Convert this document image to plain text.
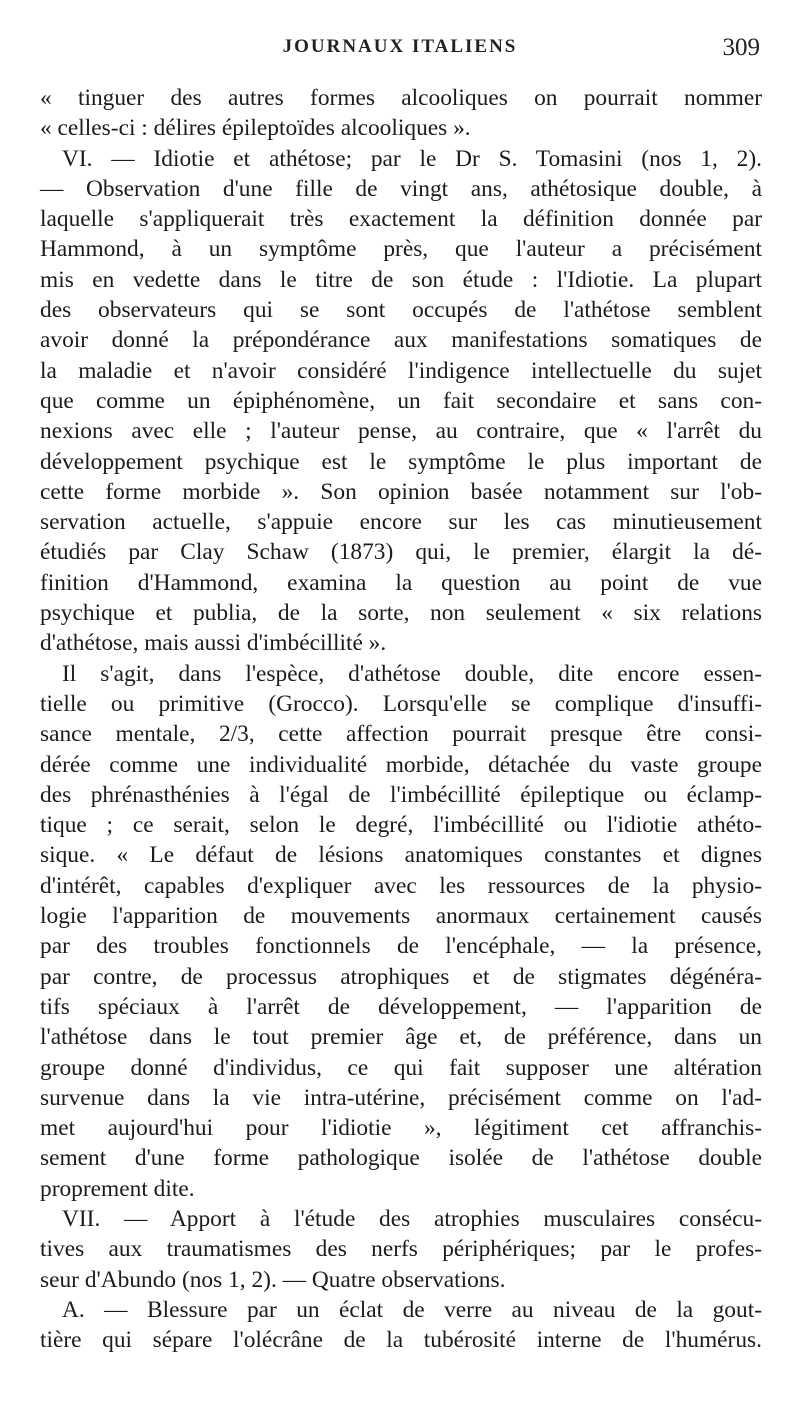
JOURNAUX ITALIENS	309
« tinguer des autres formes alcooliques on pourrait nommer
« celles-ci : délires épileptoïdes alcooliques ».
VI. — Idiotie et athétose; par le Dr S. Tomasini (nos 1, 2).
— Observation d'une fille de vingt ans, athétosique double, à
laquelle s'appliquerait très exactement la définition donnée par
Hammond, à un symptôme près, que l'auteur a précisément
mis en vedette dans le titre de son étude : l'Idiotie. La plupart
des observateurs qui se sont occupés de l'athétose semblent
avoir donné la prépondérance aux manifestations somatiques de
la maladie et n'avoir considéré l'indigence intellectuelle du sujet
que comme un épiphénomène, un fait secondaire et sans con-
nexions avec elle ; l'auteur pense, au contraire, que « l'arrêt du
développement psychique est le symptôme le plus important de
cette forme morbide ». Son opinion basée notamment sur l'ob-
servation actuelle, s'appuie encore sur les cas minutieusement
étudiés par Clay Schaw (1873) qui, le premier, élargit la dé-
finition d'Hammond, examina la question au point de vue
psychique et publia, de la sorte, non seulement « six relations
d'athétose, mais aussi d'imbécillité ».
Il s'agit, dans l'espèce, d'athétose double, dite encore essen-
tielle ou primitive (Grocco). Lorsqu'elle se complique d'insuffi-
sance mentale, 2/3, cette affection pourrait presque être consi-
dérée comme une individualité morbide, détachée du vaste groupe
des phrénasthénies à l'égal de l'imbécillité épileptique ou éclamp-
tique ; ce serait, selon le degré, l'imbécillité ou l'idiotie athéto-
sique. « Le défaut de lésions anatomiques constantes et dignes
d'intérêt, capables d'expliquer avec les ressources de la physio-
logie l'apparition de mouvements anormaux certainement causés
par des troubles fonctionnels de l'encéphale, — la présence,
par contre, de processus atrophiques et de stigmates dégénéra-
tifs spéciaux à l'arrêt de développement, — l'apparition de
l'athétose dans le tout premier âge et, de préférence, dans un
groupe donné d'individus, ce qui fait supposer une altération
survenue dans la vie intra-utérine, précisément comme on l'ad-
met aujourd'hui pour l'idiotie », légitiment cet affranchis-
sement d'une forme pathologique isolée de l'athétose double
proprement dite.
VII. — Apport à l'étude des atrophies musculaires consécu-
tives aux traumatismes des nerfs périphériques; par le profes-
seur d'Abundo (nos 1, 2). — Quatre observations.
A. — Blessure par un éclat de verre au niveau de la gout-
tière qui sépare l'olécrâne de la tubérosité interne de l'humérus.
